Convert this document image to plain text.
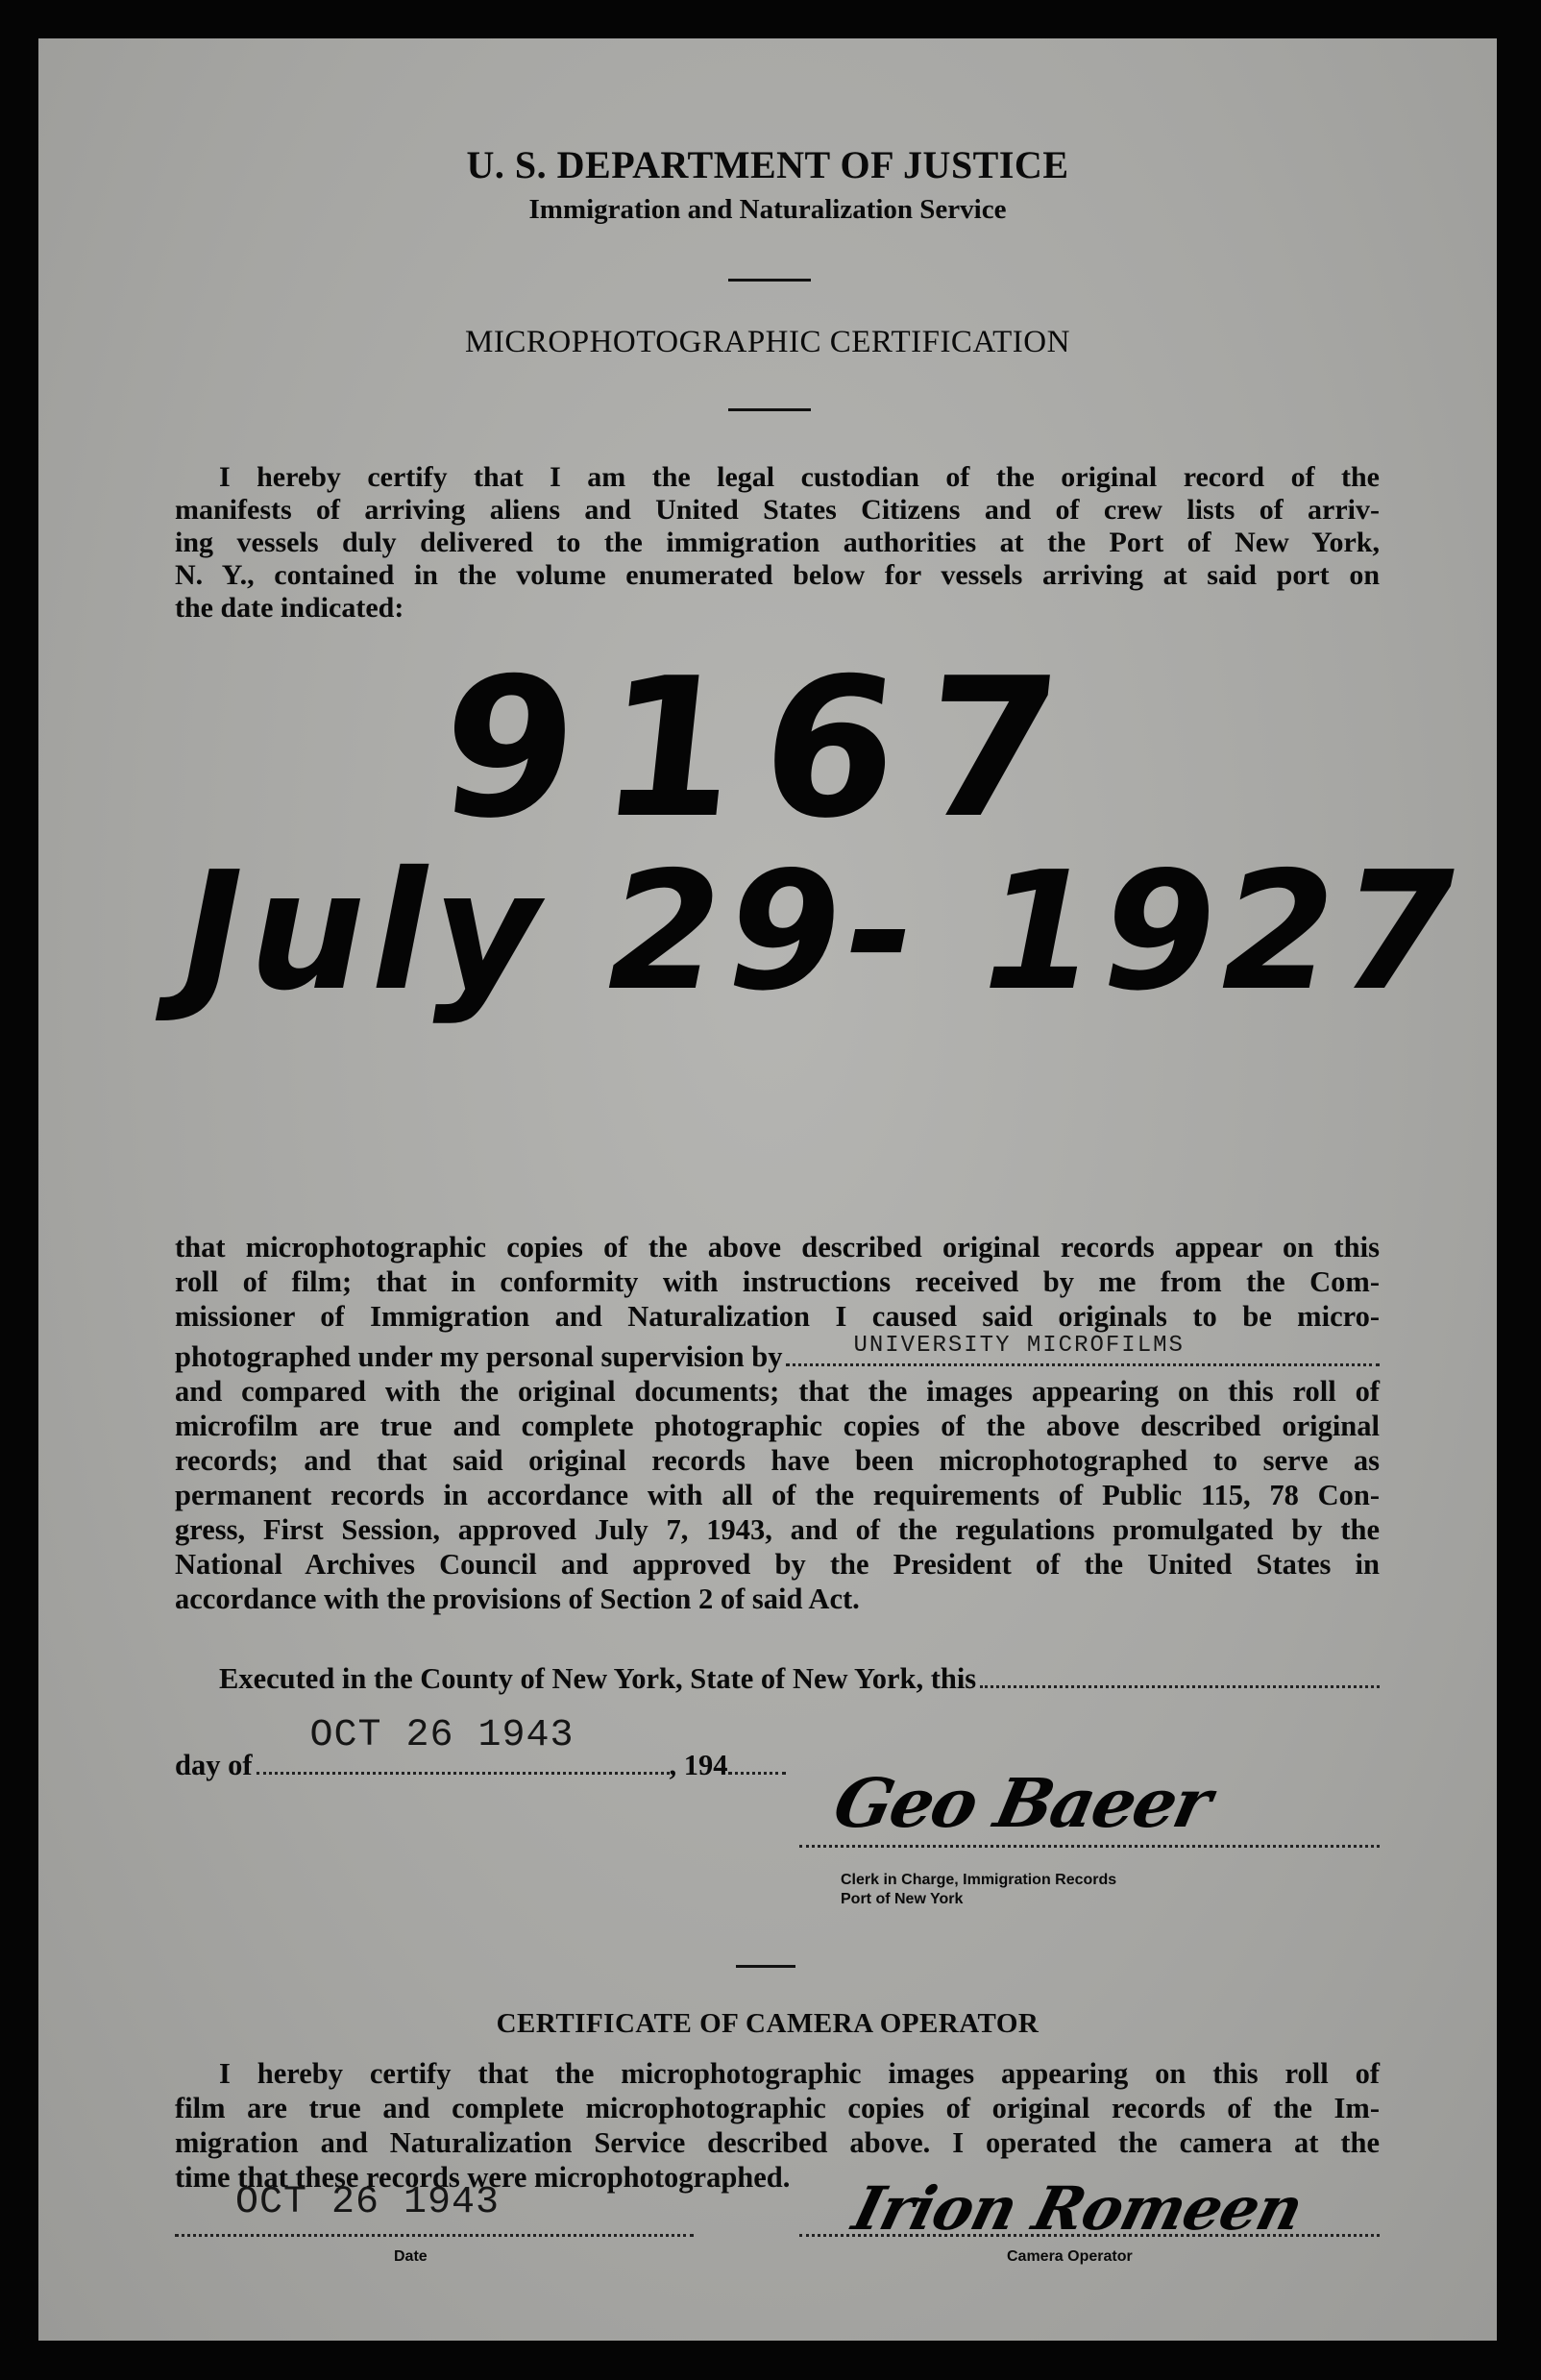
U. S. DEPARTMENT OF JUSTICE
Immigration and Naturalization Service
MICROPHOTOGRAPHIC CERTIFICATION
I hereby certify that I am the legal custodian of the original record of the
manifests of arriving aliens and United States Citizens and of crew lists of arriv-
ing vessels duly delivered to the immigration authorities at the Port of New York,
N. Y., contained in the volume enumerated below for vessels arriving at said port on
the date indicated:
9167
July 29- 1927
that microphotographic copies of the above described original records appear on this
roll of film; that in conformity with instructions received by me from the Com-
missioner of Immigration and Naturalization I caused said originals to be micro-
photographed under my personal supervision by	UNIVERSITY MICROFILMS
and compared with the original documents; that the images appearing on this roll of
microfilm are true and complete photographic copies of the above described original
records; and that said original records have been microphotographed to serve as
permanent records in accordance with all of the requirements of Public 115, 78 Con-
gress, First Session, approved July 7, 1943, and of the regulations promulgated by the
National Archives Council and approved by the President of the United States in
accordance with the provisions of Section 2 of said Act.
Executed in the County of New York, State of New York, this
day of
OCT 26 1943
, 194 Geo Baeer
Clerk in Charge, Immigration Records
Port of New York
CERTIFICATE OF CAMERA OPERATOR
I hereby certify that the microphotographic images appearing on this roll of
film are true and complete microphotographic copies of original records of the Im-
migration and Naturalization Service described above. I operated the camera at the
time that these records were microphotographed.
OCT 26 1943
Date
Irion Romeen
Camera Operator
